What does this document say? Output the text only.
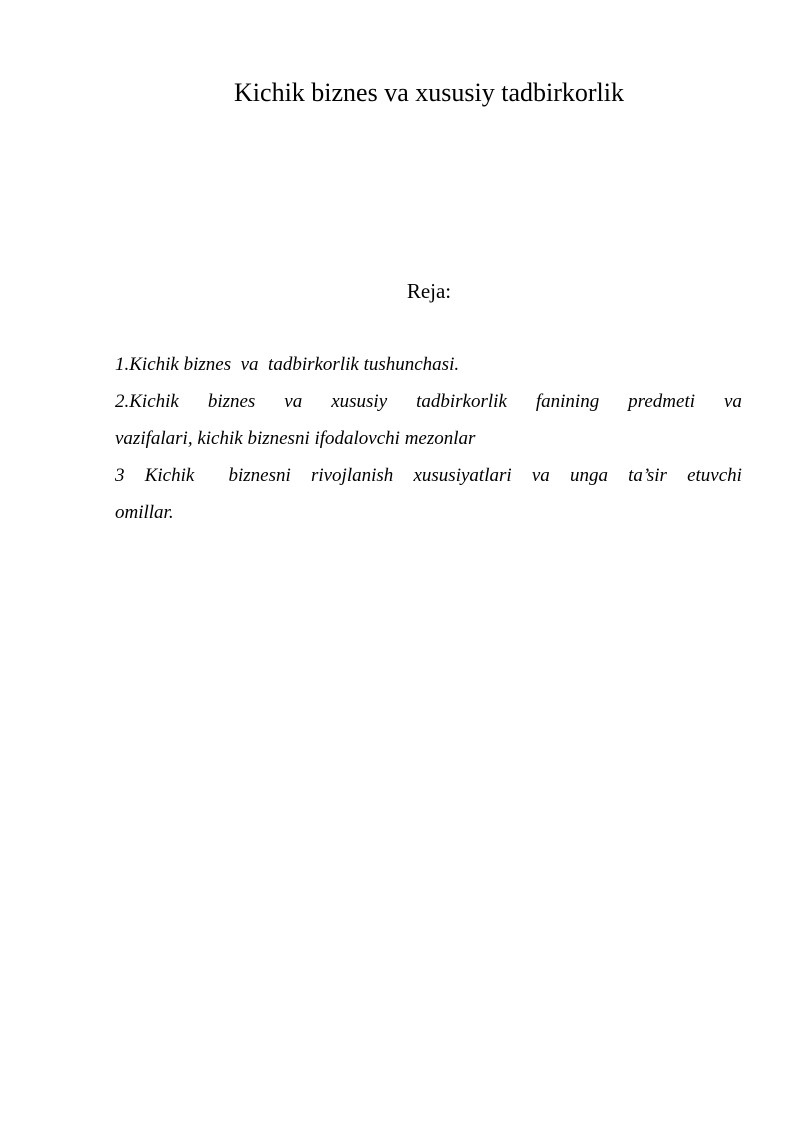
Kichik biznes va xususiy tadbirkorlik
Reja:
1.Kichik biznes va tadbirkorlik tushunchasi.
2.Kichik biznes va xususiy tadbirkorlik fanining predmeti va
vazifalari, kichik biznesni ifodalovchi mezonlar
3 Kichik biznesni rivojlanish xususiyatlari va unga ta’sir etuvchi
omillar.
